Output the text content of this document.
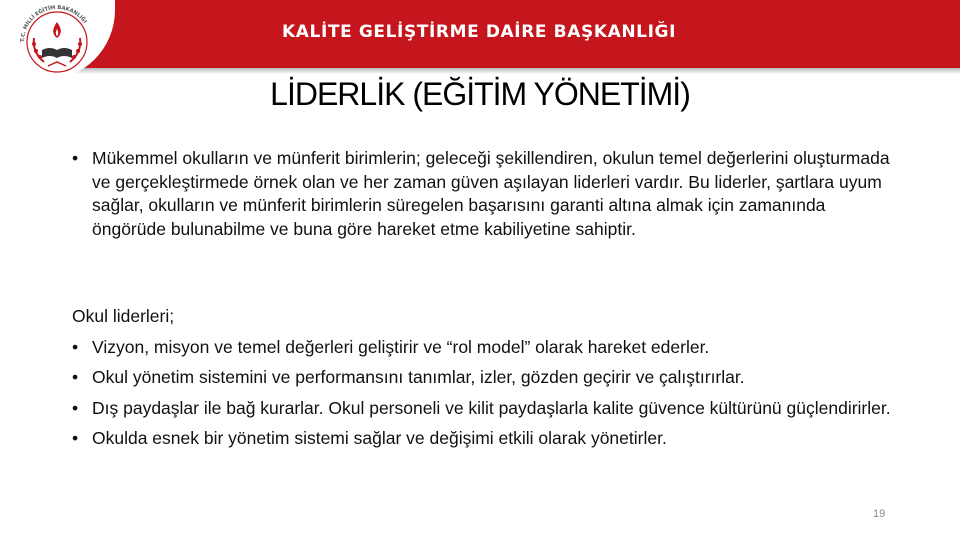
T.C. MİLLİ EĞİTİM BAKANLIĞI	KALİTE GELİŞTİRME DAİRE BAŞKANLIĞI
LİDERLİK (EĞİTİM YÖNETİMİ)
• Mükemmel okulların ve münferit birimlerin; geleceği şekillendiren, okulun temel değerlerini oluşturmada ve gerçekleştirmede örnek olan ve her zaman güven aşılayan liderleri vardır. Bu liderler, şartlara uyum sağlar, okulların ve münferit birimlerin süregelen başarısını garanti altına almak için zamanında öngörüde bulunabilme ve buna göre hareket etme kabiliyetine sahiptir.
Okul liderleri;
• Vizyon, misyon ve temel değerleri geliştirir ve “rol model” olarak hareket ederler.
• Okul yönetim sistemini ve performansını tanımlar, izler, gözden geçirir ve çalıştırırlar.
• Dış paydaşlar ile bağ kurarlar. Okul personeli ve kilit paydaşlarla kalite güvence kültürünü güçlendirirler.
• Okulda esnek bir yönetim sistemi sağlar ve değişimi etkili olarak yönetirler.
19
